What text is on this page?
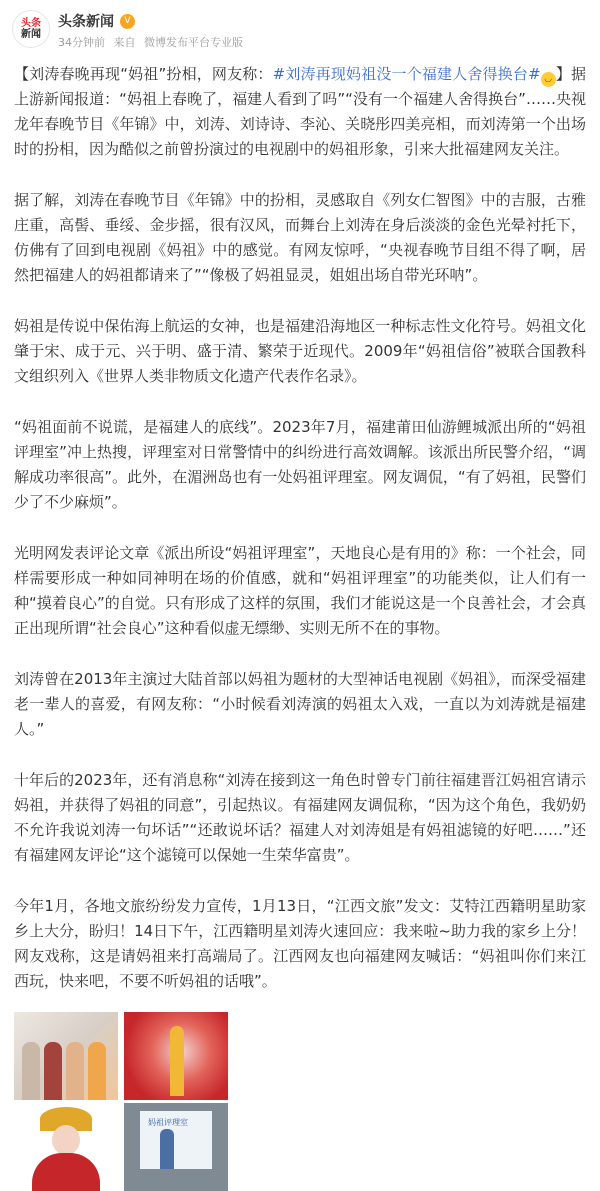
头条
新闻
头条新闻	V
34分钟前 来自 微博发布平台专业版

【刘涛春晚再现“妈祖”扮相，网友称：#刘涛再现妈祖没一个福建人舍得换台# ◡ 】据上游新闻报道：“妈祖上春晚了，福建人看到了吗”“没有一个福建人舍得换台”……央视龙年春晚节目《年锦》中，刘涛、刘诗诗、李沁、关晓彤四美亮相，而刘涛第一个出场时的扮相，因为酷似之前曾扮演过的电视剧中的妈祖形象，引来大批福建网友关注。

据了解，刘涛在春晚节目《年锦》中的扮相，灵感取自《列女仁智图》中的吉服，古雅庄重，高髻、垂绥、金步摇，很有汉风，而舞台上刘涛在身后淡淡的金色光晕衬托下，仿佛有了回到电视剧《妈祖》中的感觉。有网友惊呼，“央视春晚节目组不得了啊，居然把福建人的妈祖都请来了”“像极了妈祖显灵，姐姐出场自带光环呐”。

妈祖是传说中保佑海上航运的女神，也是福建沿海地区一种标志性文化符号。妈祖文化肇于宋、成于元、兴于明、盛于清、繁荣于近现代。2009年“妈祖信俗”被联合国教科文组织列入《世界人类非物质文化遗产代表作名录》。

“妈祖面前不说谎，是福建人的底线”。2023年7月，福建莆田仙游鲤城派出所的“妈祖评理室”冲上热搜，评理室对日常警情中的纠纷进行高效调解。该派出所民警介绍，“调解成功率很高”。此外，在湄洲岛也有一处妈祖评理室。网友调侃，“有了妈祖，民警们少了不少麻烦”。

光明网发表评论文章《派出所设“妈祖评理室”，天地良心是有用的》称：一个社会，同样需要形成一种如同神明在场的价值感，就和“妈祖评理室”的功能类似，让人们有一种“摸着良心”的自觉。只有形成了这样的氛围，我们才能说这是一个良善社会，才会真正出现所谓“社会良心”这种看似虚无缥缈、实则无所不在的事物。

刘涛曾在2013年主演过大陆首部以妈祖为题材的大型神话电视剧《妈祖》，而深受福建老一辈人的喜爱，有网友称：“小时候看刘涛演的妈祖太入戏，一直以为刘涛就是福建人。”

十年后的2023年，还有消息称“刘涛在接到这一角色时曾专门前往福建晋江妈祖宫请示妈祖，并获得了妈祖的同意”，引起热议。有福建网友调侃称，“因为这个角色，我奶奶不允许我说刘涛一句坏话”“还敢说坏话？福建人对刘涛姐是有妈祖滤镜的好吧……”还有福建网友评论“这个滤镜可以保她一生荣华富贵”。

今年1月，各地文旅纷纷发力宣传，1月13日，“江西文旅”发文：艾特江西籍明星助家乡上大分，盼归！14日下午，江西籍明星刘涛火速回应：我来啦~助力我的家乡上分！网友戏称，这是请妈祖来打高端局了。江西网友也向福建网友喊话：“妈祖叫你们来江西玩，快来吧，不要不听妈祖的话哦”。

妈祖评理室
